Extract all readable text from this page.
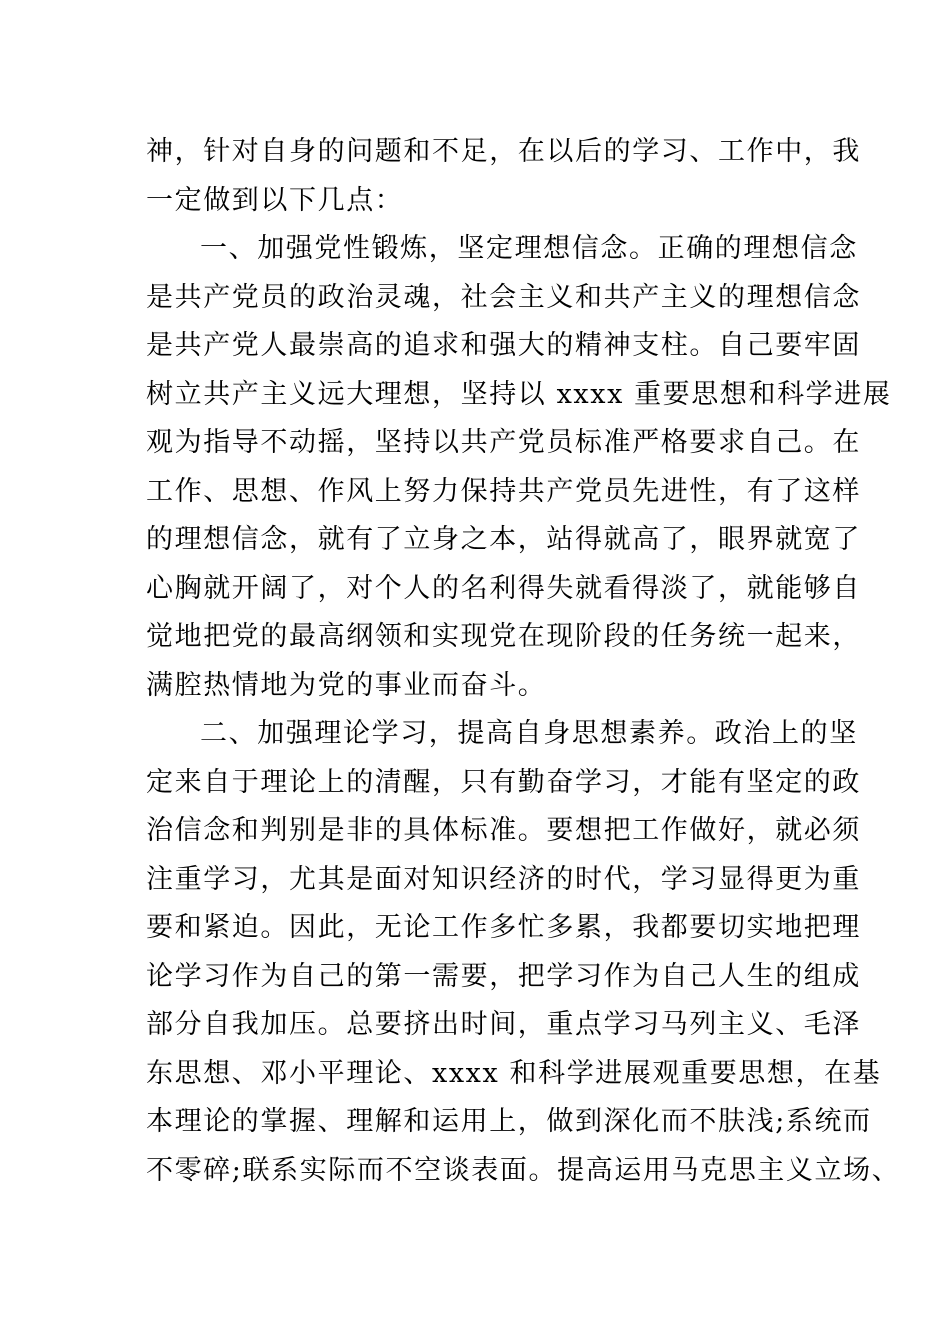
神，针对自身的问题和不足，在以后的学习、工作中，我
一定做到以下几点：
一、加强党性锻炼，坚定理想信念。正确的理想信念
是共产党员的政治灵魂，社会主义和共产主义的理想信念
是共产党人最崇高的追求和强大的精神支柱。自己要牢固
树立共产主义远大理想，坚持以 xxxx 重要思想和科学进展
观为指导不动摇，坚持以共产党员标准严格要求自己。在
工作、思想、作风上努力保持共产党员先进性，有了这样
的理想信念，就有了立身之本，站得就高了，眼界就宽了
心胸就开阔了，对个人的名利得失就看得淡了，就能够自
觉地把党的最高纲领和实现党在现阶段的任务统一起来，
满腔热情地为党的事业而奋斗。
二、加强理论学习，提高自身思想素养。政治上的坚
定来自于理论上的清醒，只有勤奋学习，才能有坚定的政
治信念和判别是非的具体标准。要想把工作做好，就必须
注重学习，尤其是面对知识经济的时代，学习显得更为重
要和紧迫。因此，无论工作多忙多累，我都要切实地把理
论学习作为自己的第一需要，把学习作为自己人生的组成
部分自我加压。总要挤出时间，重点学习马列主义、毛泽
东思想、邓小平理论、xxxx 和科学进展观重要思想，在基
本理论的掌握、理解和运用上，做到深化而不肤浅;系统而
不零碎;联系实际而不空谈表面。提高运用马克思主义立场、
